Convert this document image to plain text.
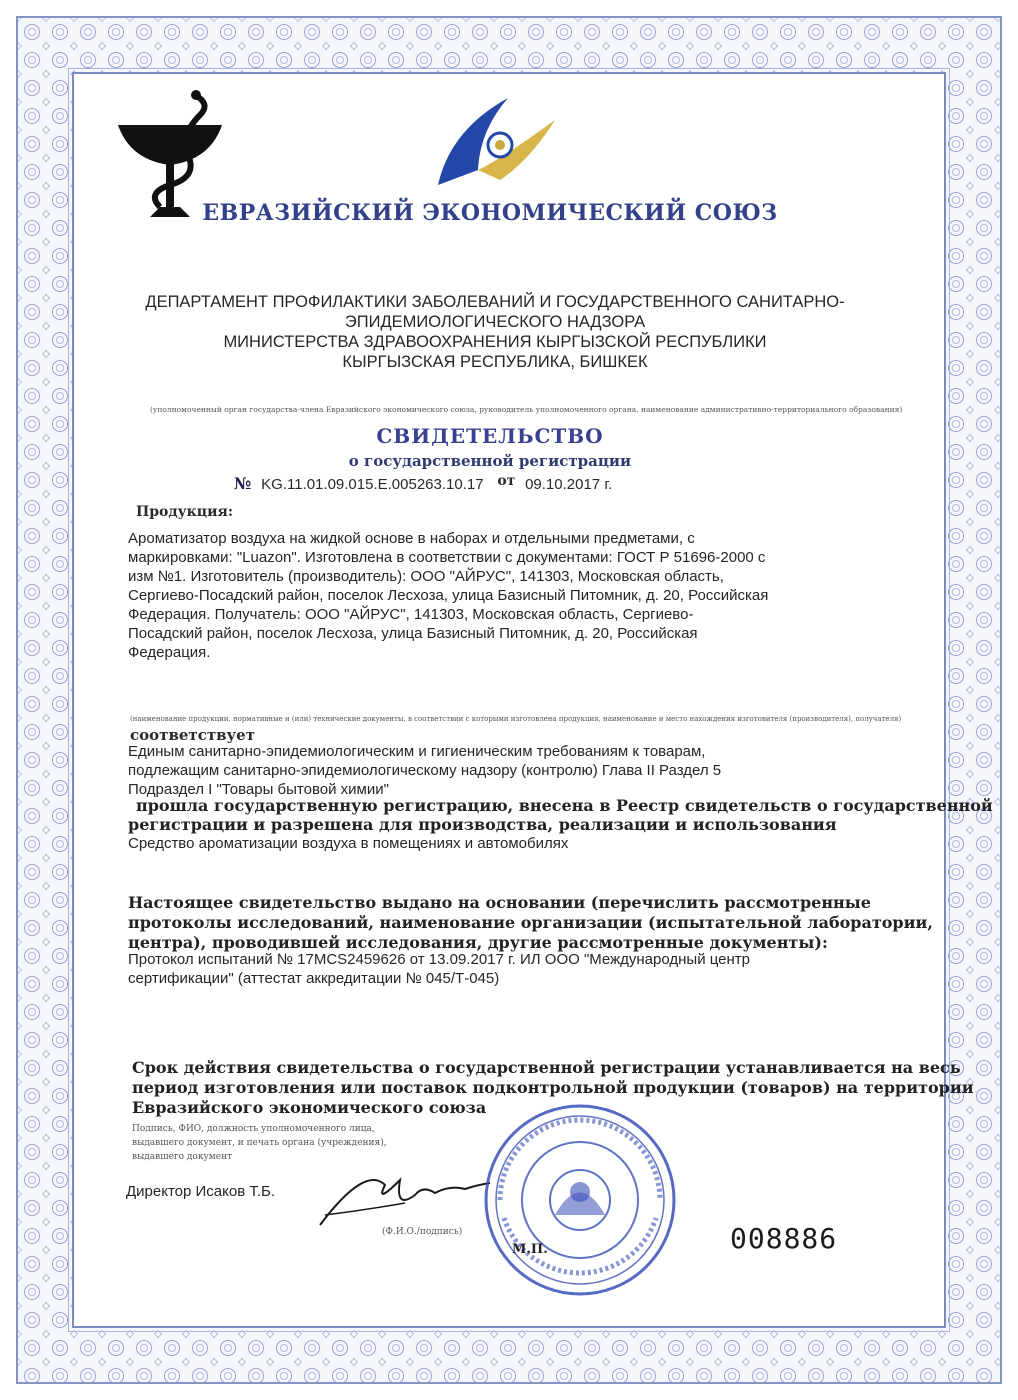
ЕВРАЗИЙСКИЙ ЭКОНОМИЧЕСКИЙ СОЮЗ
ДЕПАРТАМЕНТ ПРОФИЛАКТИКИ ЗАБОЛЕВАНИЙ И ГОСУДАРСТВЕННОГО САНИТАРНО-
ЭПИДЕМИОЛОГИЧЕСКОГО НАДЗОРА
МИНИСТЕРСТВА ЗДРАВООХРАНЕНИЯ КЫРГЫЗСКОЙ РЕСПУБЛИКИ
КЫРГЫЗСКАЯ РЕСПУБЛИКА, БИШКЕК
(уполномоченный орган государства-члена Евразийского экономического союза, руководитель уполномоченного органа, наименование административно-территориального образования)
СВИДЕТЕЛЬСТВО
о государственной регистрации
№ KG.11.01.09.015.E.005263.10.17 от 09.10.2017 г.
Продукция:
Ароматизатор воздуха на жидкой основе в наборах и отдельными предметами, с
маркировками: "Luazon". Изготовлена в соответствии с документами: ГОСТ Р 51696-2000 с
изм №1. Изготовитель (производитель): ООО "АЙРУС", 141303, Московская область,
Сергиево-Посадский район, поселок Лесхоза, улица Базисный Питомник, д. 20, Российская
Федерация. Получатель: ООО "АЙРУС", 141303, Московская область, Сергиево-
Посадский район, поселок Лесхоза, улица Базисный Питомник, д. 20, Российская
Федерация.
(наименование продукции, нормативные и (или) технические документы, в соответствии с которыми изготовлена продукция, наименование и место нахождения изготовителя (производителя), получателя)
соответствует
Единым санитарно-эпидемиологическим и гигиеническим требованиям к товарам,
подлежащим санитарно-эпидемиологическому надзору (контролю) Глава II Раздел 5
Подраздел I "Товары бытовой химии"
прошла государственную регистрацию, внесена в Реестр свидетельств о государственной
регистрации и разрешена для производства, реализации и использования
Средство ароматизации воздуха в помещениях и автомобилях
Настоящее свидетельство выдано на основании (перечислить рассмотренные
протоколы исследований, наименование организации (испытательной лаборатории,
центра), проводившей исследования, другие рассмотренные документы):
Протокол испытаний № 17MCS2459626 от 13.09.2017 г. ИЛ ООО "Международный центр
сертификации" (аттестат аккредитации № 045/Т-045)
Срок действия свидетельства о государственной регистрации устанавливается на весь
период изготовления или поставок подконтрольной продукции (товаров) на территории
Евразийского экономического союза
Подпись, ФИО, должность уполномоченного лица,
выдавшего документ, и печать органа (учреждения),
выдавшего документ
Директор Исаков Т.Б.
(Ф.И.О./подпись)
М.П.	008886
